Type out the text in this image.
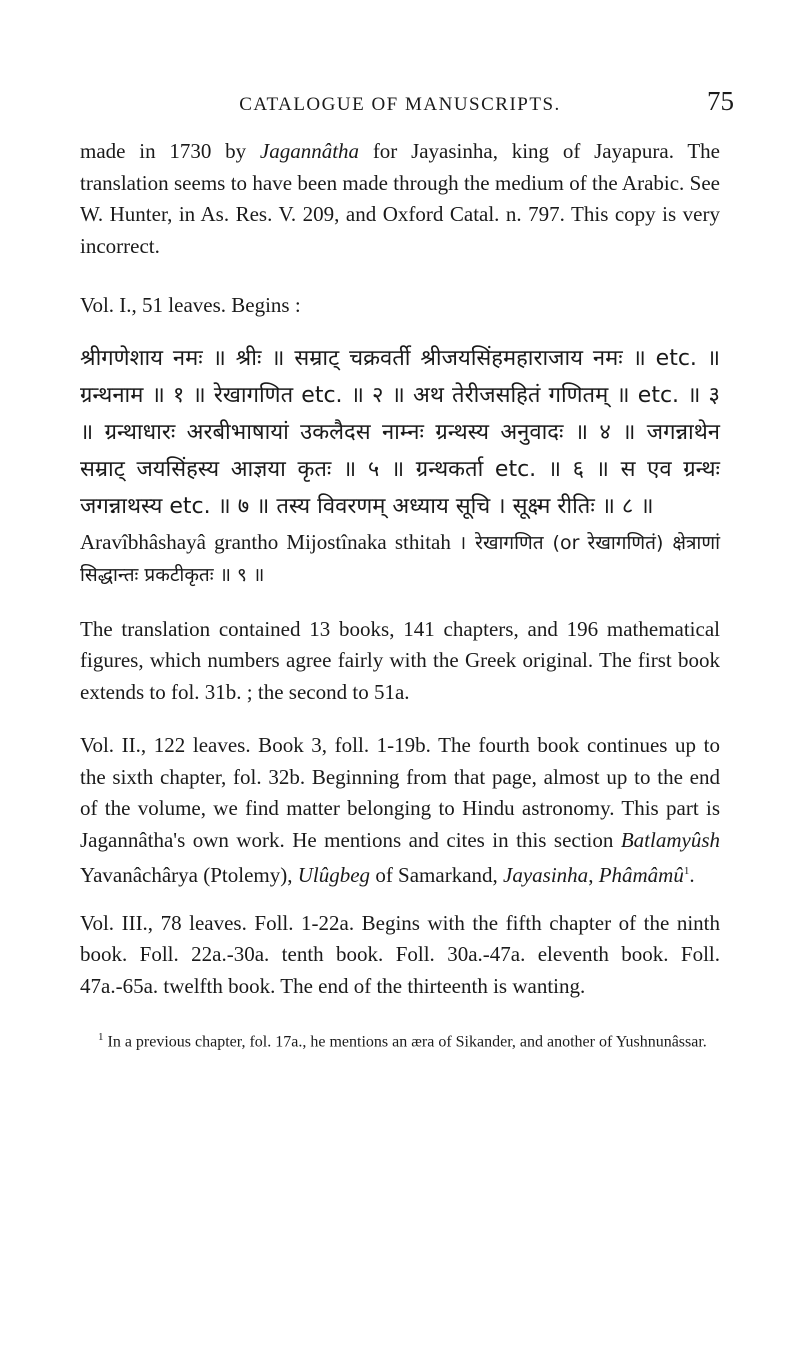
CATALOGUE OF MANUSCRIPTS.	75

made in 1730 by Jagannâtha for Jayasinha, king of Jayapura. The translation seems to have been made through the medium of the Arabic. See W. Hunter, in As. Res. V. 209, and Oxford Catal. n. 797. This copy is very incorrect.

Vol. I., 51 leaves. Begins :

श्रीगणेशाय नमः ॥ श्रीः ॥ सम्राट् चक्रवर्ती श्रीजयसिंहमहाराजाय नमः ॥ etc. ॥ ग्रन्थनाम ॥ १ ॥ रेखागणित etc. ॥ २ ॥ अथ तेरीजसहितं गणितम् ॥ etc. ॥ ३ ॥ ग्रन्थाधारः अरबीभाषायां उकलैदस नाम्नः ग्रन्थस्य अनुवादः ॥ ४ ॥ जगन्नाथेन सम्राट् जयसिंहस्य आज्ञया कृतः ॥ ५ ॥ ग्रन्थकर्ता etc. ॥ ६ ॥ स एव ग्रन्थः जगन्नाथस्य etc. ॥ ७ ॥ तस्य विवरणम् अध्याय सूचि । सूक्ष्म रीतिः ॥ ८ ॥

Aravîbhâshayâ grantho Mijostînaka sthitah । रेखागणित (or रेखागणितं) क्षेत्राणां सिद्धान्तः प्रकटीकृतः ॥ ९ ॥

The translation contained 13 books, 141 chapters, and 196 mathematical figures, which numbers agree fairly with the Greek original. The first book extends to fol. 31b. ; the second to 51a.

Vol. II., 122 leaves. Book 3, foll. 1-19b. The fourth book continues up to the sixth chapter, fol. 32b. Beginning from that page, almost up to the end of the volume, we find matter belonging to Hindu astronomy. This part is Jagannâtha's own work. He mentions and cites in this section Batlamyûsh Yavanâchârya (Ptolemy), Ulûgbeg of Samarkand, Jayasinha, Phâmâmû$^1$.

Vol. III., 78 leaves. Foll. 1-22a. Begins with the fifth chapter of the ninth book. Foll. 22a.-30a. tenth book. Foll. 30a.-47a. eleventh book. Foll. 47a.-65a. twelfth book. The end of the thirteenth is wanting.

$^1$ In a previous chapter, fol. 17a., he mentions an æra of Sikander, and another of Yushnunâssar.
